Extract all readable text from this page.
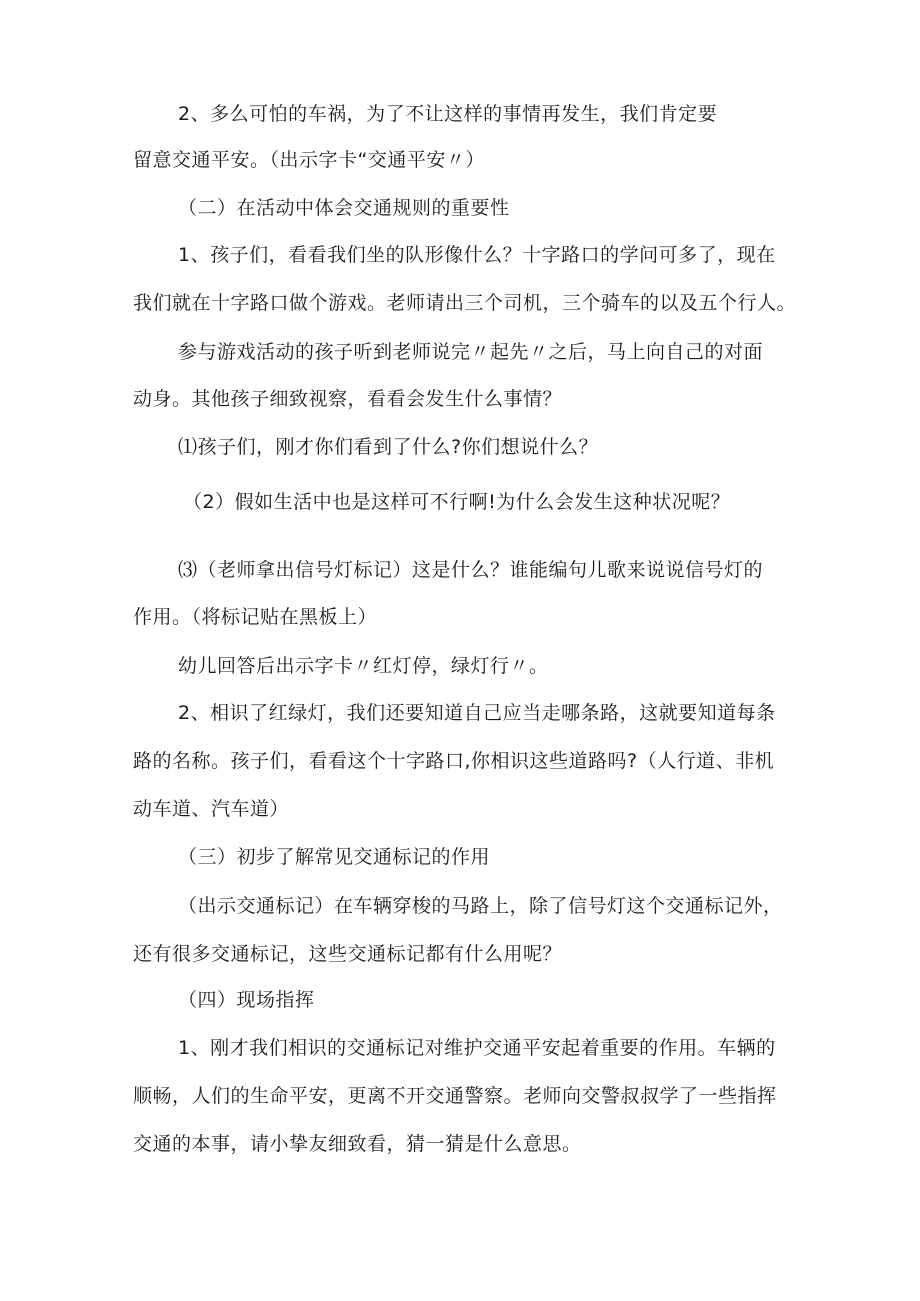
2、多么可怕的车祸，为了不让这样的事情再发生，我们肯定要
留意交通平安。（出示字卡“交通平安〃）
（二）在活动中体会交通规则的重要性
1、孩子们，看看我们坐的队形像什么？十字路口的学问可多了，现在
我们就在十字路口做个游戏。老师请出三个司机，三个骑车的以及五个行人。
参与游戏活动的孩子听到老师说完〃起先〃之后，马上向自己的对面
动身。其他孩子细致视察，看看会发生什么事情？
⑴孩子们，刚才你们看到了什么?你们想说什么？
（2）假如生活中也是这样可不行啊!为什么会发生这种状况呢？
⑶（老师拿出信号灯标记）这是什么？谁能编句儿歌来说说信号灯的
作用。（将标记贴在黑板上）
幼儿回答后出示字卡〃红灯停，绿灯行〃。
2、相识了红绿灯，我们还要知道自己应当走哪条路，这就要知道每条
路的名称。孩子们，看看这个十字路口,你相识这些道路吗?（人行道、非机
动车道、汽车道）
（三）初步了解常见交通标记的作用
（出示交通标记）在车辆穿梭的马路上，除了信号灯这个交通标记外，
还有很多交通标记，这些交通标记都有什么用呢？
（四）现场指挥
1、刚才我们相识的交通标记对维护交通平安起着重要的作用。车辆的
顺畅，人们的生命平安，更离不开交通警察。老师向交警叔叔学了一些指挥
交通的本事，请小挚友细致看，猜一猜是什么意思。
